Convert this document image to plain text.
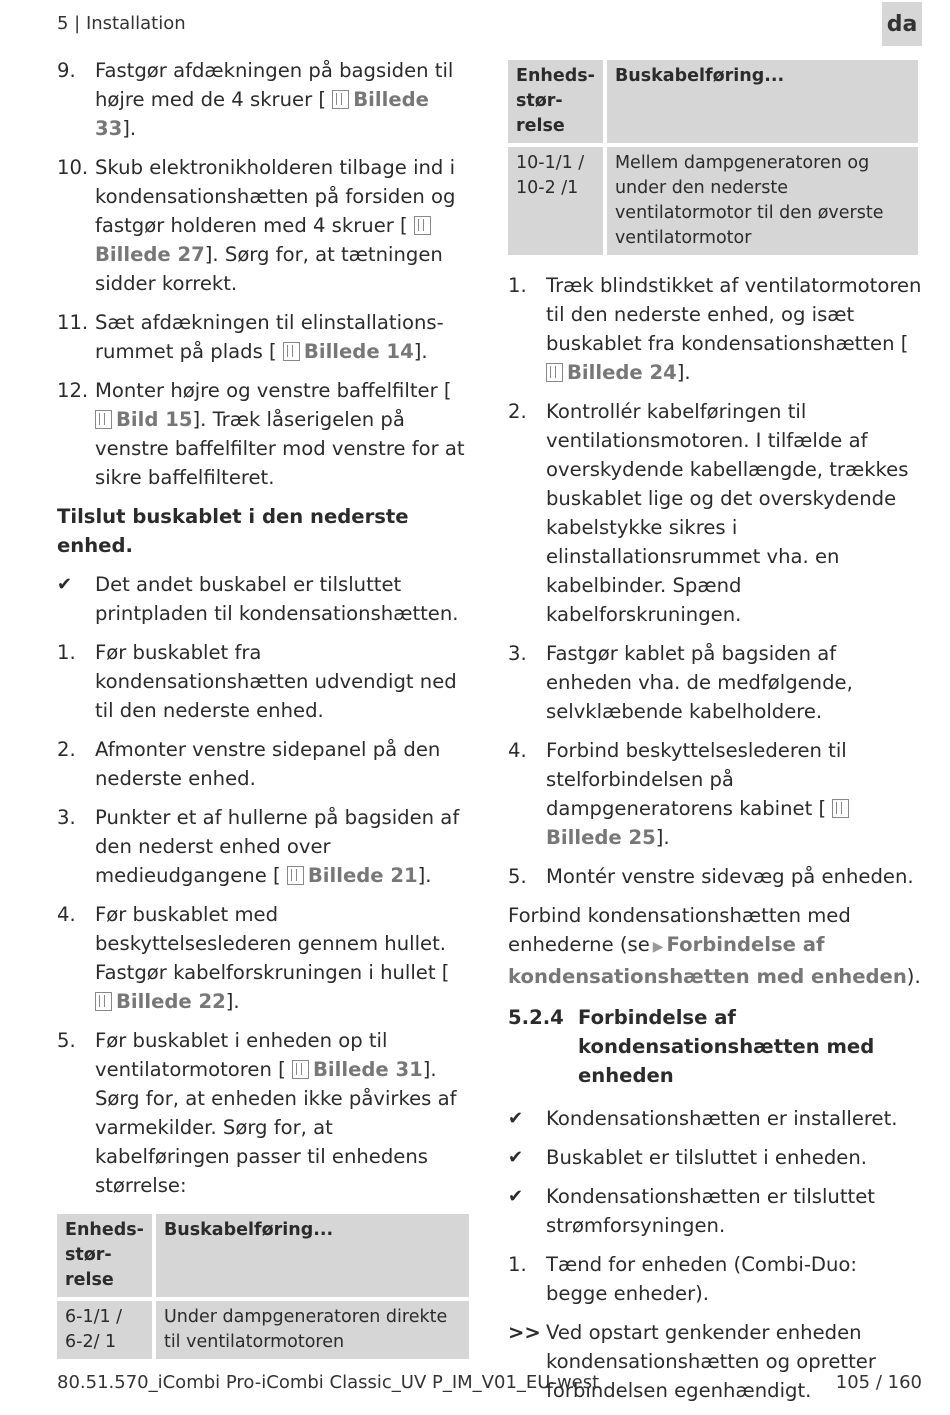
5 | Installation	da
9. Fastgør afdækningen på bagsiden til højre med de 4 skruer [ Billede 33].
10. Skub elektronikholderen tilbage ind i kondensationshætten på forsiden og fastgør holderen med 4 skruer [ Billede 27]. Sørg for, at tætningen sidder korrekt.
11. Sæt afdækningen til elinstallations-rummet på plads [ Billede 14].
12. Monter højre og venstre baffelfilter [ Bild 15]. Træk låserigelen på venstre baffelfilter mod venstre for at sikre baffelfilteret.
Tilslut buskablet i den nederste enhed.
✔	Det andet buskabel er tilsluttet printpladen til kondensationshætten.
1. Før buskablet fra kondensationshætten udvendigt ned til den nederste enhed.
2. Afmonter venstre sidepanel på den nederste enhed.
3. Punkter et af hullerne på bagsiden af den nederst enhed over medieudgangene [ Billede 21].
4. Før buskablet med beskyttelseslederen gennem hullet. Fastgør kabelforskruningen i hullet [ Billede 22].
5. Før buskablet i enheden op til ventilatormotoren [ Billede 31]. Sørg for, at enheden ikke påvirkes af varmekilder. Sørg for, at kabelføringen passer til enhedens størrelse:
Enheds-stør-relse	Buskabelføring...
6-1/1 / 6-2/ 1	Under dampgeneratoren direkte til ventilatormotoren
Enheds-stør-relse	Buskabelføring...
10-1/1 / 10-2 /1	Mellem dampgeneratoren og under den nederste ventilatormotor til den øverste ventilatormotor
1. Træk blindstikket af ventilatormotoren til den nederste enhed, og isæt buskablet fra kondensationshætten [ Billede 24].
2. Kontrollér kabelføringen til ventilationsmotoren. I tilfælde af overskydende kabellængde, trækkes buskablet lige og det overskydende kabelstykke sikres i elinstallationsrummet vha. en kabelbinder. Spænd kabelforskruningen.
3. Fastgør kablet på bagsiden af enheden vha. de medfølgende, selvklæbende kabelholdere.
4. Forbind beskyttelseslederen til stelforbindelsen på dampgeneratorens kabinet [ Billede 25].
5. Montér venstre sidevæg på enheden.
Forbind kondensationshætten med enhederne (se ▶ Forbindelse af kondensationshætten med enheden).
5.2.4 Forbindelse af kondensationshætten med enheden
✔	Kondensationshætten er installeret.
✔	Buskablet er tilsluttet i enheden.
✔	Kondensationshætten er tilsluttet strømforsyningen.
1. Tænd for enheden (Combi-Duo: begge enheder).
>> Ved opstart genkender enheden kondensationshætten og opretter forbindelsen egenhændigt.
80.51.570_iCombi Pro-iCombi Classic_UV P_IM_V01_EU-west	105 / 160
